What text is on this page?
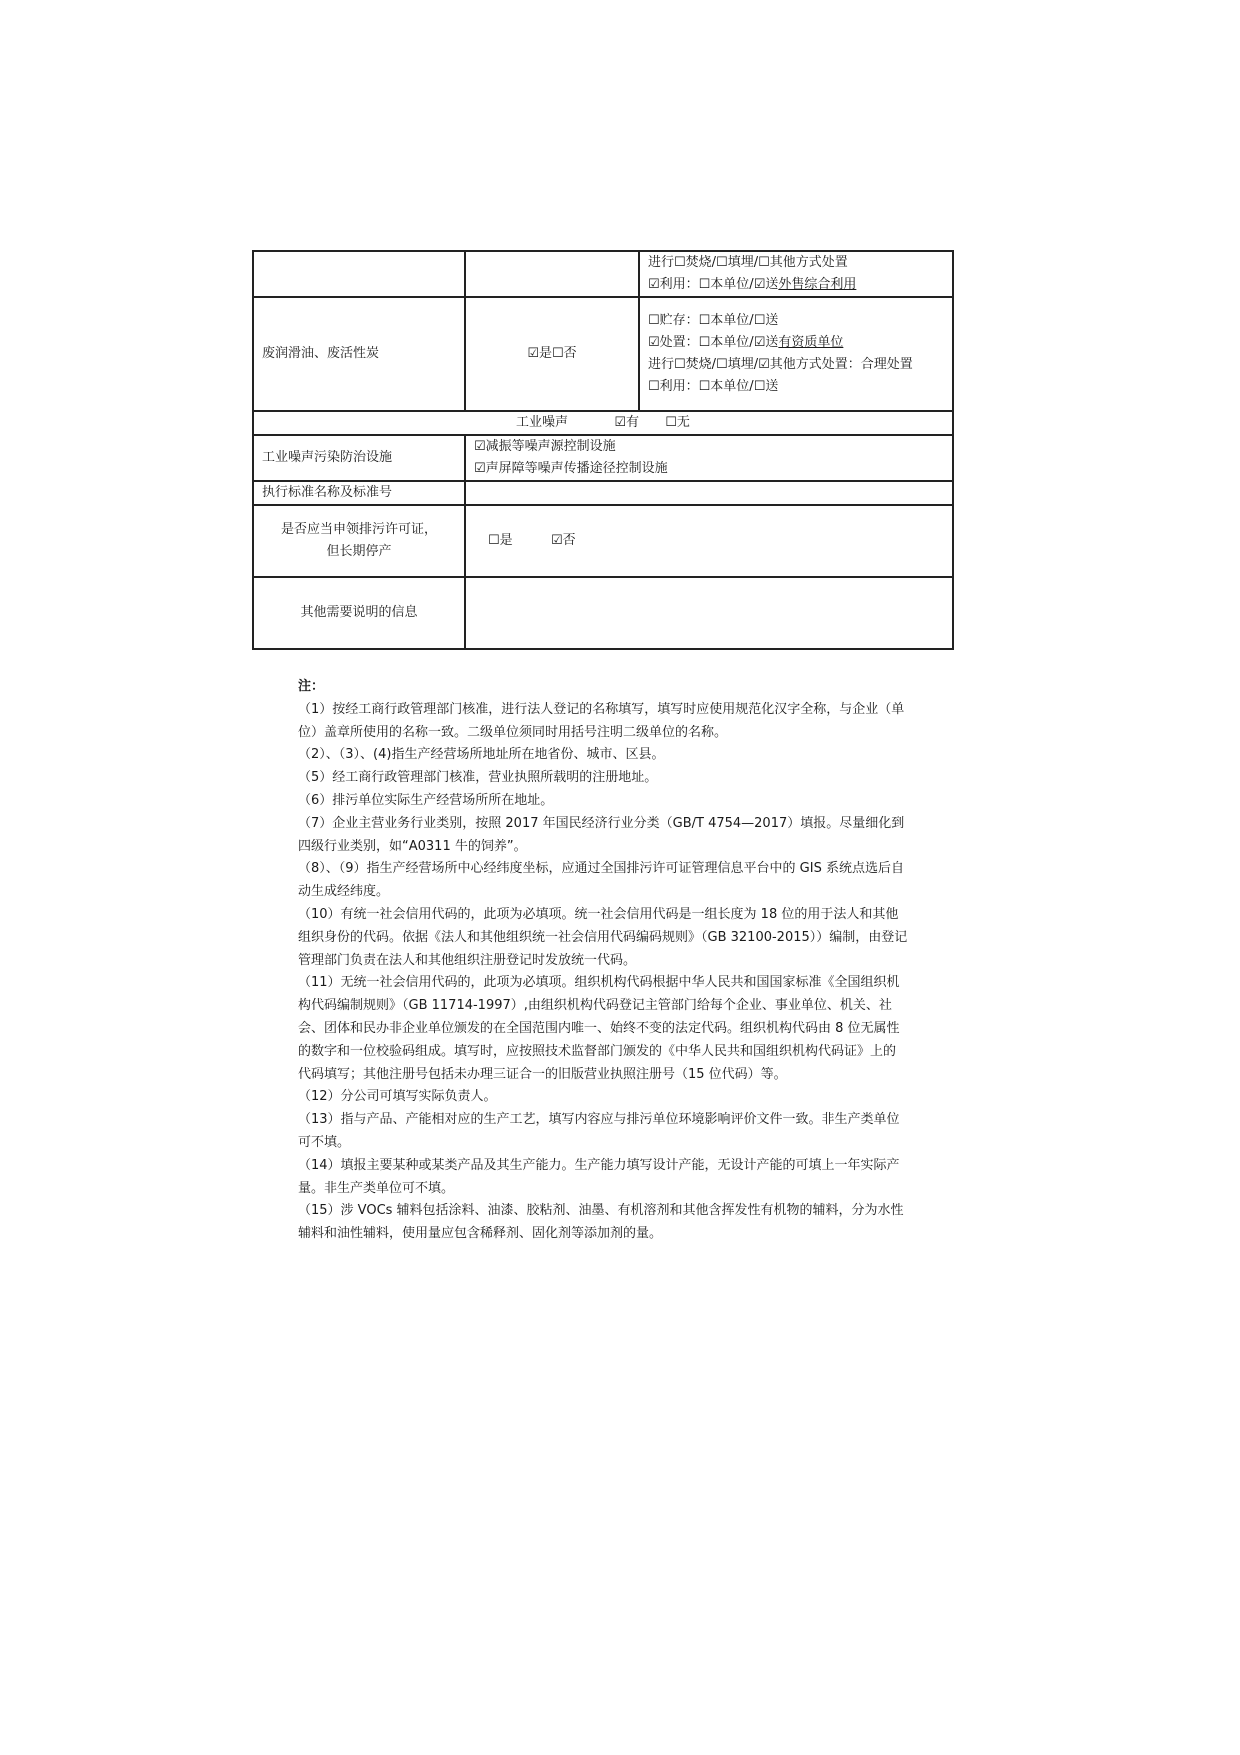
		进行☐焚烧/☐填埋/☐其他方式处置
☑利用：☐本单位/☑送外售综合利用

废润滑油、废活性炭	☑是☐否	☐贮存：☐本单位/☐送
☑处置：☐本单位/☑送有资质单位
进行☐焚烧/☐填埋/☑其他方式处置：合理处置
☐利用：☐本单位/☐送

工业噪声 ☑有 ☐无		
工业噪声污染防治设施	☑减振等噪声源控制设施
☑声屏障等噪声传播途径控制设施	

执行标准名称及标准号		

是否应当申领排污许可证，
但长期停产	☐是 ☑否	
其他需要说明的信息		

注：

（1）按经工商行政管理部门核准，进行法人登记的名称填写，填写时应使用规范化汉字全称，与企业（单位）盖章所使用的名称一致。二级单位须同时用括号注明二级单位的名称。

（2）、（3）、(4)指生产经营场所地址所在地省份、城市、区县。

（5）经工商行政管理部门核准，营业执照所载明的注册地址。

（6）排污单位实际生产经营场所所在地址。

（7）企业主营业务行业类别，按照 2017 年国民经济行业分类（GB/T 4754—2017）填报。尽量细化到四级行业类别，如“A0311 牛的饲养”。

（8）、（9）指生产经营场所中心经纬度坐标，应通过全国排污许可证管理信息平台中的 GIS 系统点选后自动生成经纬度。

（10）有统一社会信用代码的，此项为必填项。统一社会信用代码是一组长度为 18 位的用于法人和其他组织身份的代码。依据《法人和其他组织统一社会信用代码编码规则》（GB 32100-2015））编制，由登记管理部门负责在法人和其他组织注册登记时发放统一代码。

（11）无统一社会信用代码的，此项为必填项。组织机构代码根据中华人民共和国国家标准《全国组织机构代码编制规则》（GB 11714-1997）,由组织机构代码登记主管部门给每个企业、事业单位、机关、社会、团体和民办非企业单位颁发的在全国范围内唯一、始终不变的法定代码。组织机构代码由 8 位无属性的数字和一位校验码组成。填写时，应按照技术监督部门颁发的《中华人民共和国组织机构代码证》上的代码填写；其他注册号包括未办理三证合一的旧版营业执照注册号（15 位代码）等。

（12）分公司可填写实际负责人。

（13）指与产品、产能相对应的生产工艺，填写内容应与排污单位环境影响评价文件一致。非生产类单位可不填。

（14）填报主要某种或某类产品及其生产能力。生产能力填写设计产能，无设计产能的可填上一年实际产量。非生产类单位可不填。

（15）涉 VOCs 辅料包括涂料、油漆、胶粘剂、油墨、有机溶剂和其他含挥发性有机物的辅料，分为水性辅料和油性辅料，使用量应包含稀释剂、固化剂等添加剂的量。
